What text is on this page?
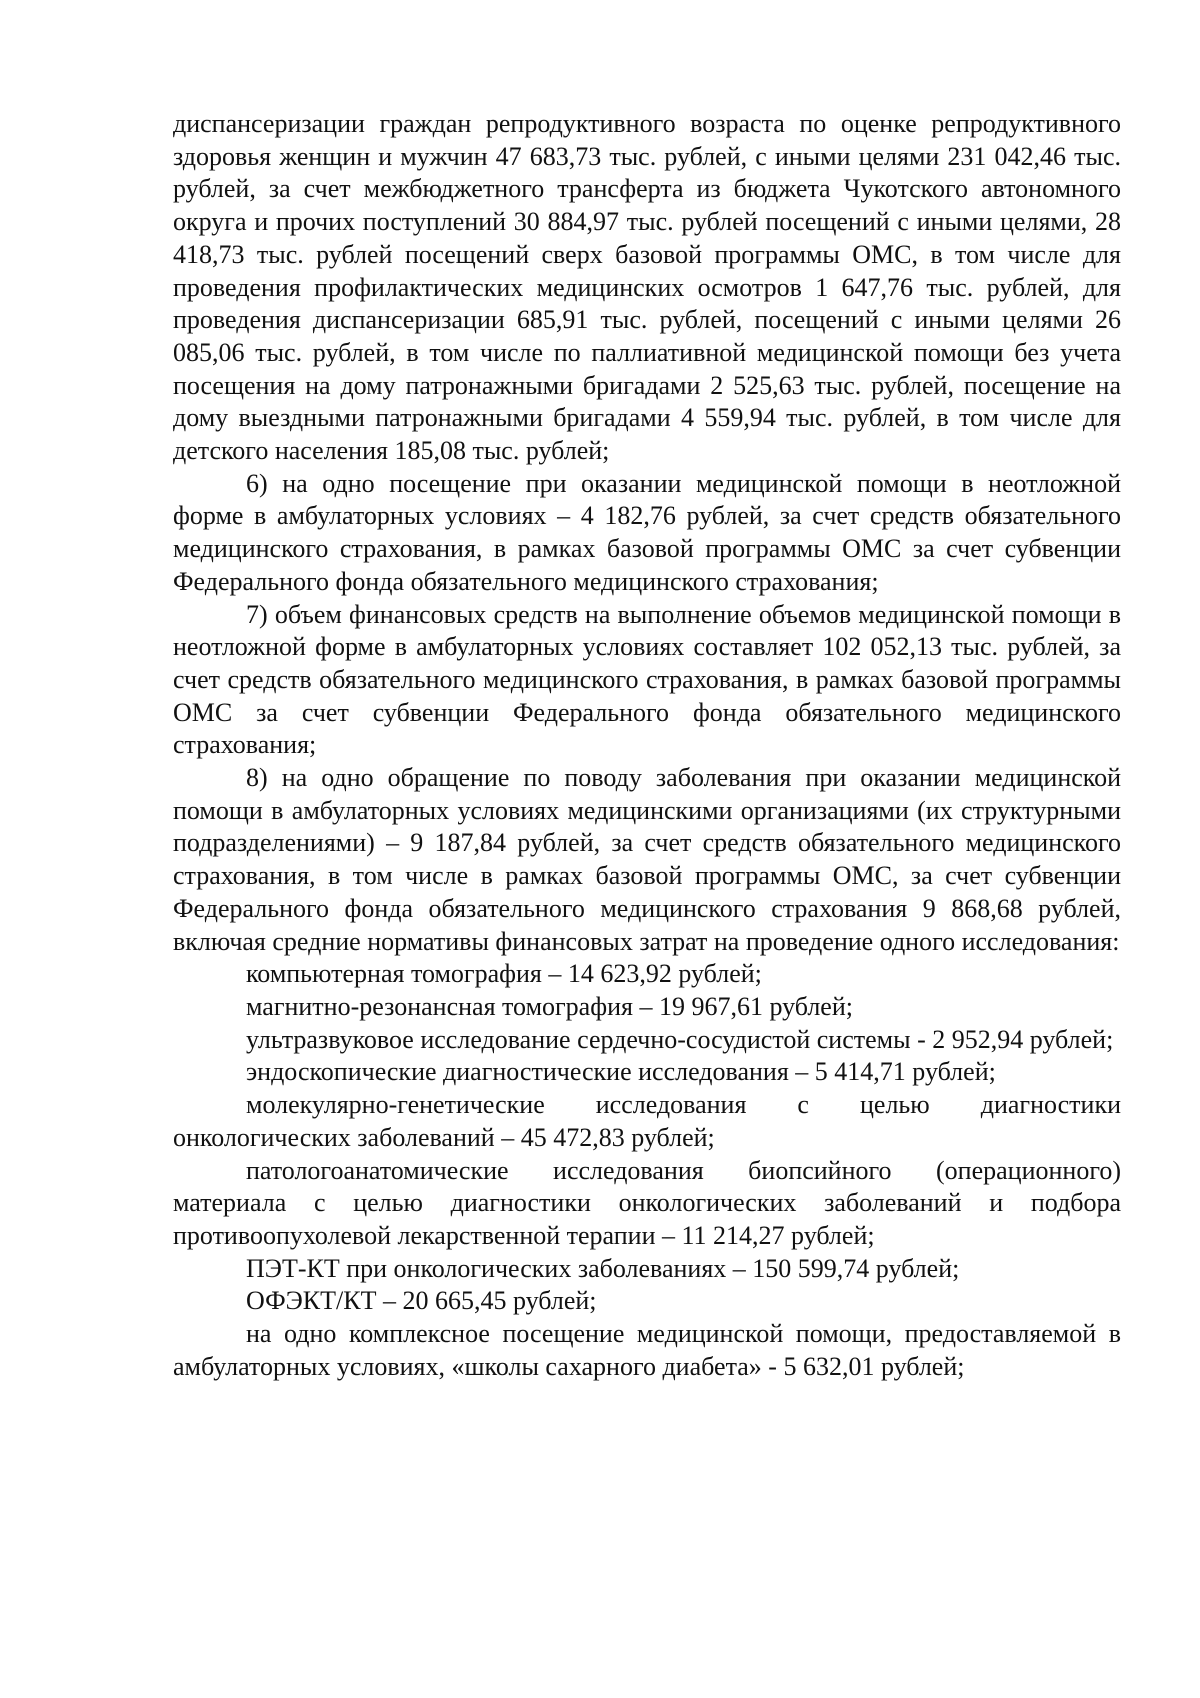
диспансеризации граждан репродуктивного возраста по оценке репродуктивного здоровья женщин и мужчин 47 683,73 тыс. рублей, с иными целями 231 042,46 тыс. рублей, за счет межбюджетного трансферта из бюджета Чукотского автономного округа и прочих поступлений 30 884,97 тыс. рублей посещений с иными целями, 28 418,73 тыс. рублей посещений сверх базовой программы ОМС, в том числе для проведения профилактических медицинских осмотров 1 647,76 тыс. рублей, для проведения диспансеризации 685,91 тыс. рублей, посещений с иными целями 26 085,06 тыс. рублей, в том числе по паллиативной медицинской помощи без учета посещения на дому патронажными бригадами 2 525,63 тыс. рублей, посещение на дому выездными патронажными бригадами 4 559,94 тыс. рублей, в том числе для детского населения 185,08 тыс. рублей;

6) на одно посещение при оказании медицинской помощи в неотложной форме в амбулаторных условиях – 4 182,76 рублей, за счет средств обязательного медицинского страхования, в рамках базовой программы ОМС за счет субвенции Федерального фонда обязательного медицинского страхования;

7) объем финансовых средств на выполнение объемов медицинской помощи в неотложной форме в амбулаторных условиях составляет 102 052,13 тыс. рублей, за счет средств обязательного медицинского страхования, в рамках базовой программы ОМС за счет субвенции Федерального фонда обязательного медицинского страхования;

8) на одно обращение по поводу заболевания при оказании медицинской помощи в амбулаторных условиях медицинскими организациями (их структурными подразделениями) – 9 187,84 рублей, за счет средств обязательного медицинского страхования, в том числе в рамках базовой программы ОМС, за счет субвенции Федерального фонда обязательного медицинского страхования 9 868,68 рублей, включая средние нормативы финансовых затрат на проведение одного исследования:

компьютерная томография – 14 623,92 рублей;

магнитно-резонансная томография – 19 967,61 рублей;

ультразвуковое исследование сердечно-сосудистой системы - 2 952,94 рублей;

эндоскопические диагностические исследования – 5 414,71 рублей;

молекулярно-генетические исследования с целью диагностики онкологических заболеваний – 45 472,83 рублей;

патологоанатомические исследования биопсийного (операционного) материала с целью диагностики онкологических заболеваний и подбора противоопухолевой лекарственной терапии – 11 214,27 рублей;

ПЭТ-КТ при онкологических заболеваниях – 150 599,74 рублей;

ОФЭКТ/КТ – 20 665,45 рублей;

на одно комплексное посещение медицинской помощи, предоставляемой в амбулаторных условиях, «школы сахарного диабета» - 5 632,01 рублей;
